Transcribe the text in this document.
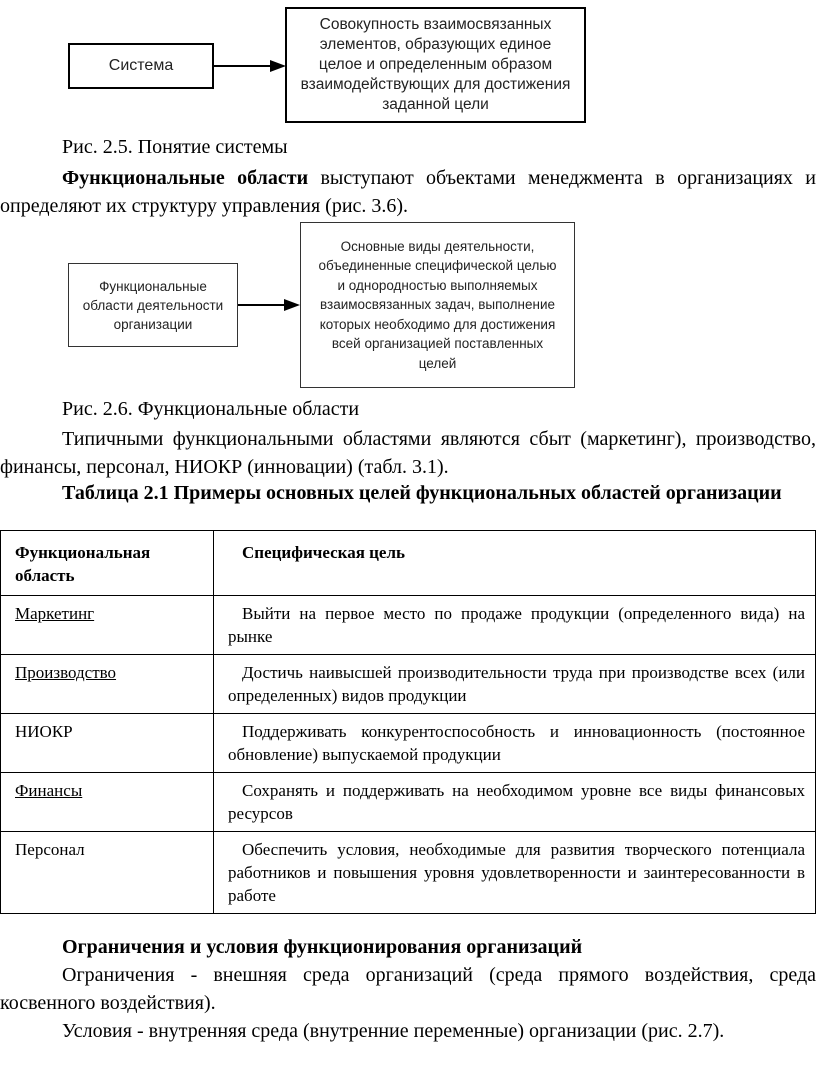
Система
Совокупность взаимосвязанных элементов, образующих единое целое и определенным образом взаимодействующих для достижения заданной цели
Рис. 2.5. Понятие системы

Функциональные области выступают объектами менеджмента в организациях и определяют их структуру управления (рис. 3.6).

Функциональные области деятельности организации
Основные виды деятельности, объединенные специфической целью и однородностью выполняемых взаимосвязанных задач, выполнение которых необходимо для достижения всей организацией поставленных целей
Рис. 2.6. Функциональные области

Типичными функциональными областями являются сбыт (маркетинг), производство, финансы, персонал, НИОКР (инновации) (табл. 3.1).

Таблица 2.1 Примеры основных целей функциональных областей организации

Функциональная область	Специфическая цель
Маркетинг	Выйти на первое место по продаже продукции (определенного вида) на рынке
Производство	Достичь наивысшей производительности труда при производстве всех (или определенных) видов продукции
НИОКР	Поддерживать конкурентоспособность и инновационность (постоянное обновление) выпускаемой продукции
Финансы	Сохранять и поддерживать на необходимом уровне все виды финансовых ресурсов
Персонал	Обеспечить условия, необходимые для развития творческого потенциала работников и повышения уровня удовлетворенности и заинтересованности в работе

Ограничения и условия функционирования организаций

Ограничения - внешняя среда организаций (среда прямого воздействия, среда косвенного воздействия).

Условия - внутренняя среда (внутренние переменные) организации (рис. 2.7).
